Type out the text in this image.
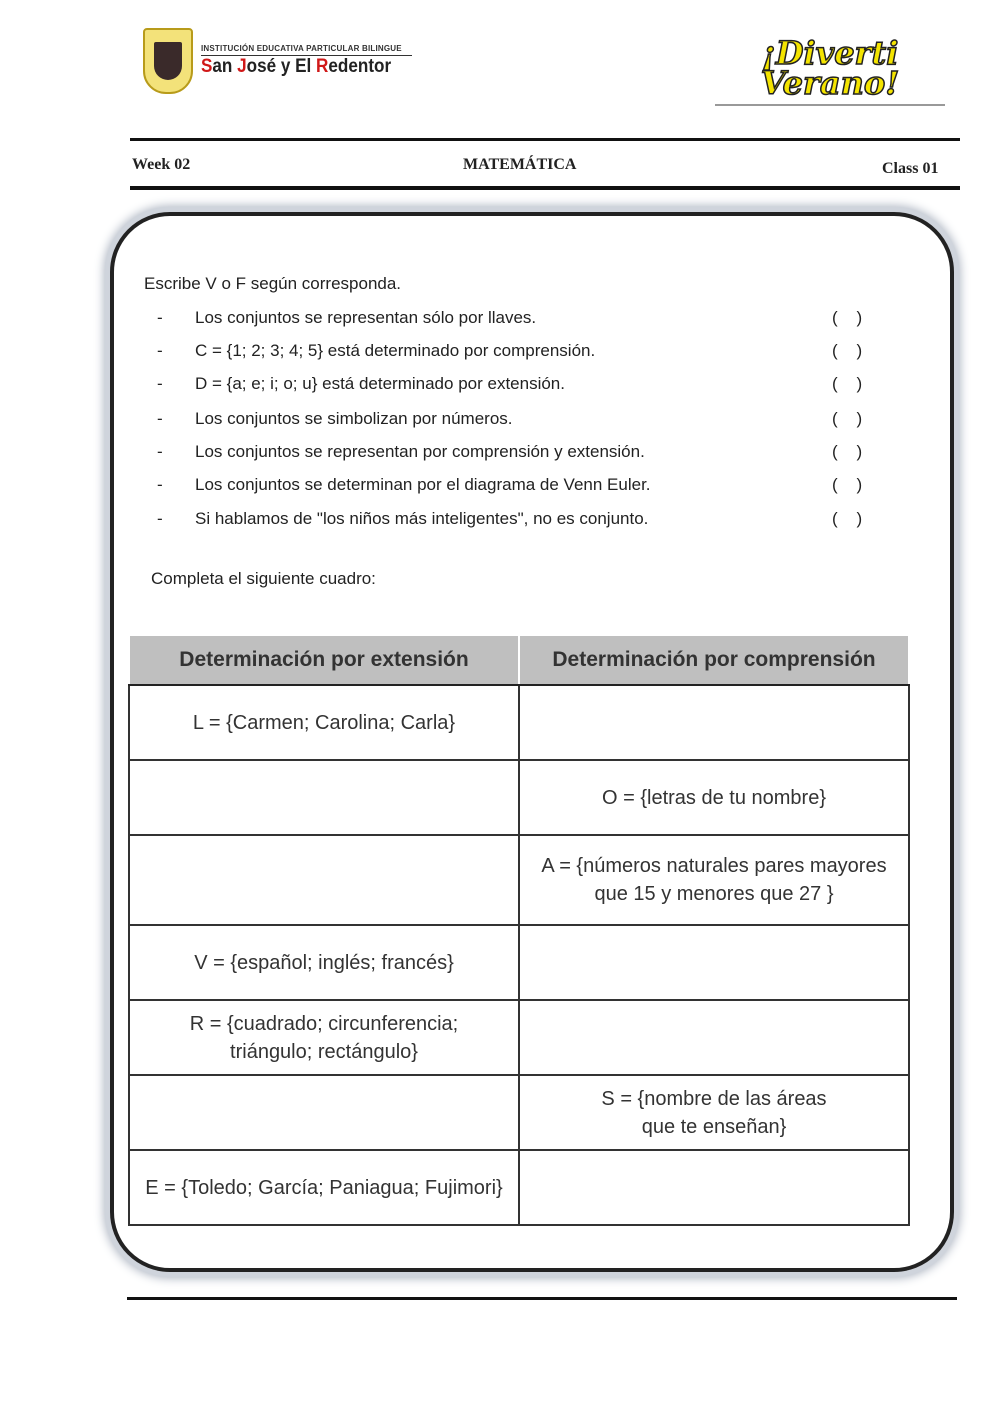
INSTITUCIÓN EDUCATIVA PARTICULAR BILINGUE
San José y El Redentor	¡Diverti Verano!
Week 02	MATEMÁTICA	Class 01
Escribe V o F según corresponda.
- Los conjuntos se representan sólo por llaves.	(    )
- C = {1; 2; 3; 4; 5} está determinado por comprensión.	(    )
- D = {a; e; i; o; u} está determinado por extensión.	(    )
- Los conjuntos se simbolizan por números.	(    )
- Los conjuntos se representan por comprensión y extensión.	(    )
- Los conjuntos se determinan por el diagrama de Venn Euler.	(    )
- Si hablamos de "los niños más inteligentes", no es conjunto.	(    )
Completa el siguiente cuadro:
Determinación por extensión	Determinación por comprensión
L = {Carmen; Carolina; Carla}	
	O = {letras de tu nombre}
	A = {números naturales pares mayores
que 15 y menores que 27 }
V = {español; inglés; francés}	
R = {cuadrado; circunferencia;
triángulo; rectángulo}	
	S = {nombre de las áreas
que te enseñan}
E = {Toledo; García; Paniagua; Fujimori}	
